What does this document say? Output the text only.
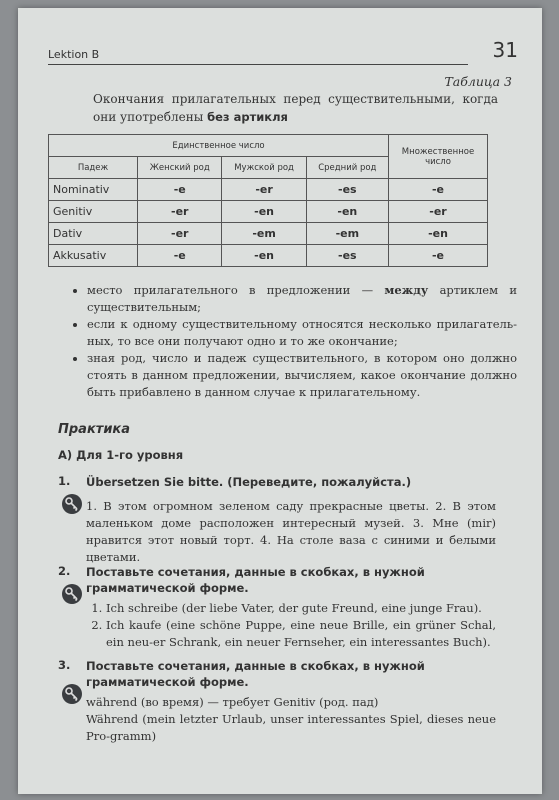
Lektion B	31
Таблица 3
Окончания прилагательных перед существительными, когда они употреблены без артикля
Единственное число				Множественное число
Падеж	Женский род	Мужской род	Средний род	
Nominativ	-e	-er	-es	-e
Genitiv	-er	-en	-en	-er
Dativ	-er	-em	-em	-en
Akkusativ	-e	-en	-es	-e
• место прилагательного в предложении — между артиклем и существительным;
• если к одному существительному относятся несколько прилагатель-ных, то все они получают одно и то же окончание;
• зная род, число и падеж существительного, в котором оно должно стоять в данном предложении, вычисляем, какое окончание должно быть прибавлено в данном случае к прилагательному.
Практика
А) Для 1-го уровня
1. Übersetzen Sie bitte. (Переведите, пожалуйста.)
1. В этом огромном зеленом саду прекрасные цветы. 2. В этом маленьком доме расположен интересный музей. 3. Мне (mir) нравится этот новый торт. 4. На столе ваза с синими и белыми цветами.
2. Поставьте сочетания, данные в скобках, в нужной грамматической форме.
1. Ich schreibe (der liebe Vater, der gute Freund, eine junge Frau).
2. Ich kaufe (eine schöne Puppe, eine neue Brille, ein grüner Schal, ein neu-er Schrank, ein neuer Fernseher, ein interessantes Buch).
3. Поставьте сочетания, данные в скобках, в нужной грамматической форме.

während (во время) — требует Genitiv (род. пад)

Während (mein letzter Urlaub, unser interessantes Spiel, dieses neue Pro-gramm)
